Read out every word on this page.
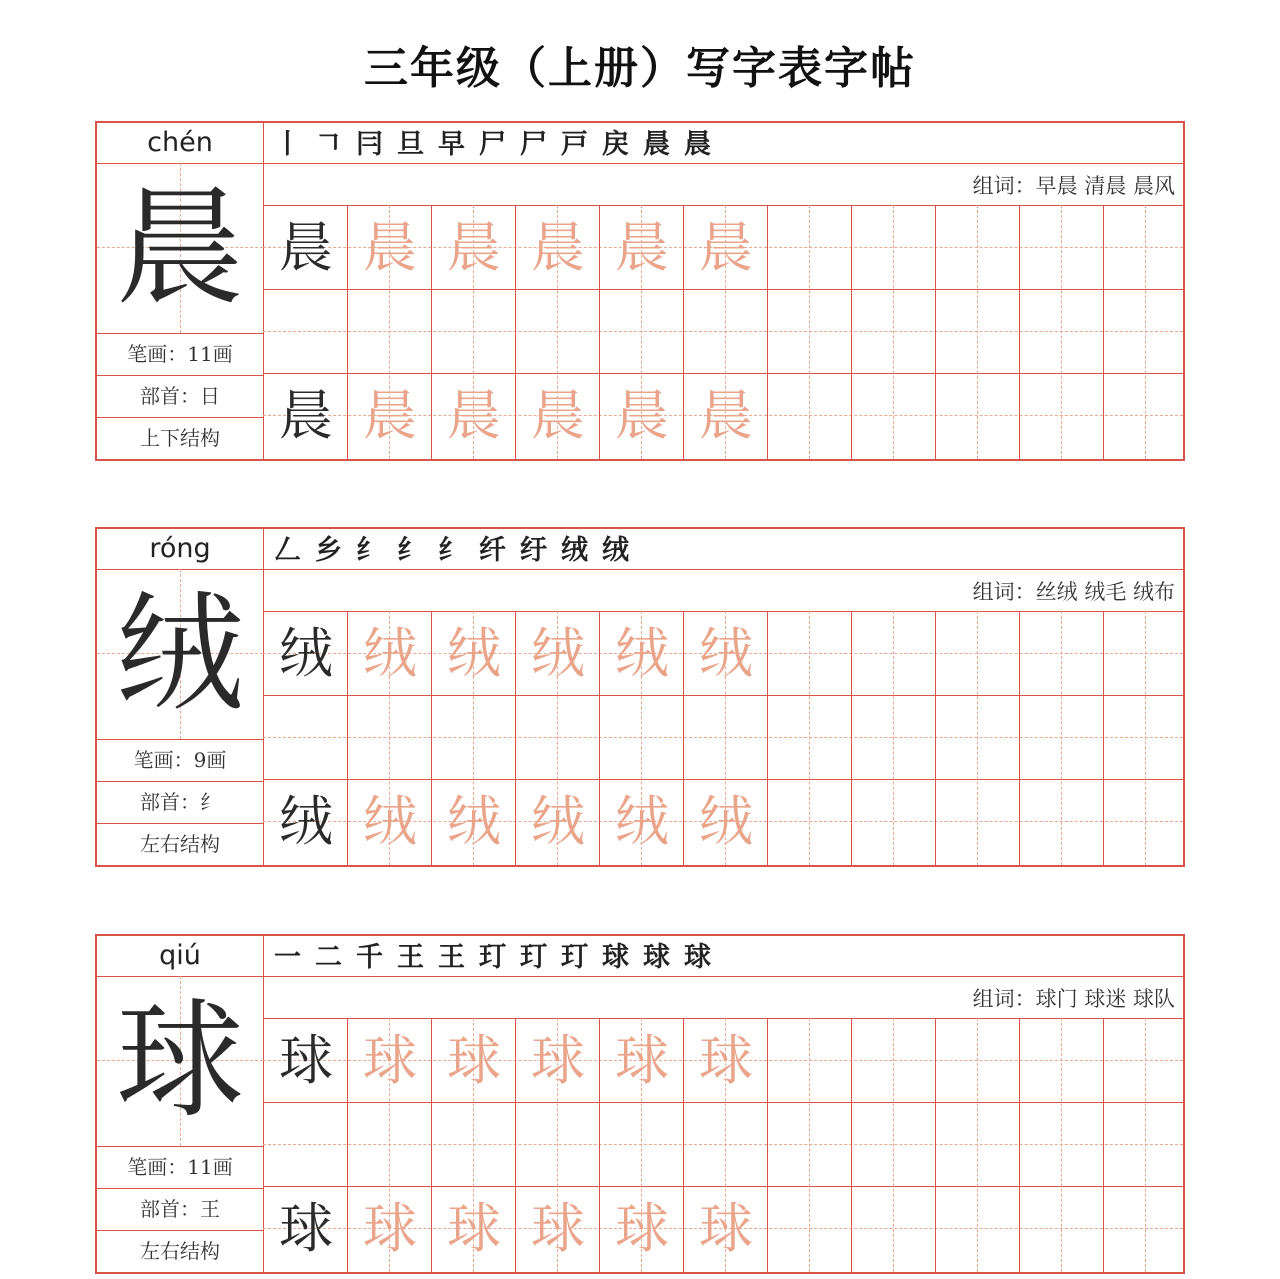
三年级（上册）写字表字帖
chén
晨
笔画：11画
部首：日
上下结构
丨 𠃍 冃 旦 早 尸 尸 戸 戻 晨 晨
组词：早晨 清晨 晨风
晨 晨 晨 晨 晨 晨
晨 晨 晨 晨 晨 晨
róng
绒
笔画：9画
部首：纟
左右结构
𠃋 乡 纟 纟 纟 纤 纡 绒 绒
组词：丝绒 绒毛 绒布
绒 绒 绒 绒 绒 绒
绒 绒 绒 绒 绒 绒
qiú
球
笔画：11画
部首：王
左右结构
一 二 千 王 王 玎 玎 玎 球 球 球
组词：球门 球迷 球队
球 球 球 球 球 球
球 球 球 球 球 球
